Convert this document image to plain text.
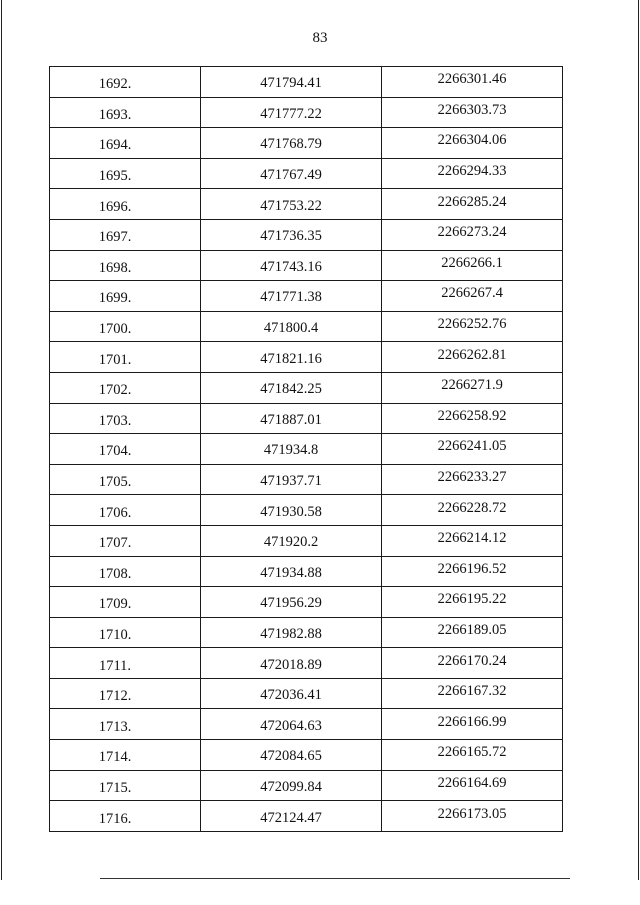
83
1692.	471794.41	2266301.46
1693.	471777.22	2266303.73
1694.	471768.79	2266304.06
1695.	471767.49	2266294.33
1696.	471753.22	2266285.24
1697.	471736.35	2266273.24
1698.	471743.16	2266266.1
1699.	471771.38	2266267.4
1700.	471800.4	2266252.76
1701.	471821.16	2266262.81
1702.	471842.25	2266271.9
1703.	471887.01	2266258.92
1704.	471934.8	2266241.05
1705.	471937.71	2266233.27
1706.	471930.58	2266228.72
1707.	471920.2	2266214.12
1708.	471934.88	2266196.52
1709.	471956.29	2266195.22
1710.	471982.88	2266189.05
1711.	472018.89	2266170.24
1712.	472036.41	2266167.32
1713.	472064.63	2266166.99
1714.	472084.65	2266165.72
1715.	472099.84	2266164.69
1716.	472124.47	2266173.05
